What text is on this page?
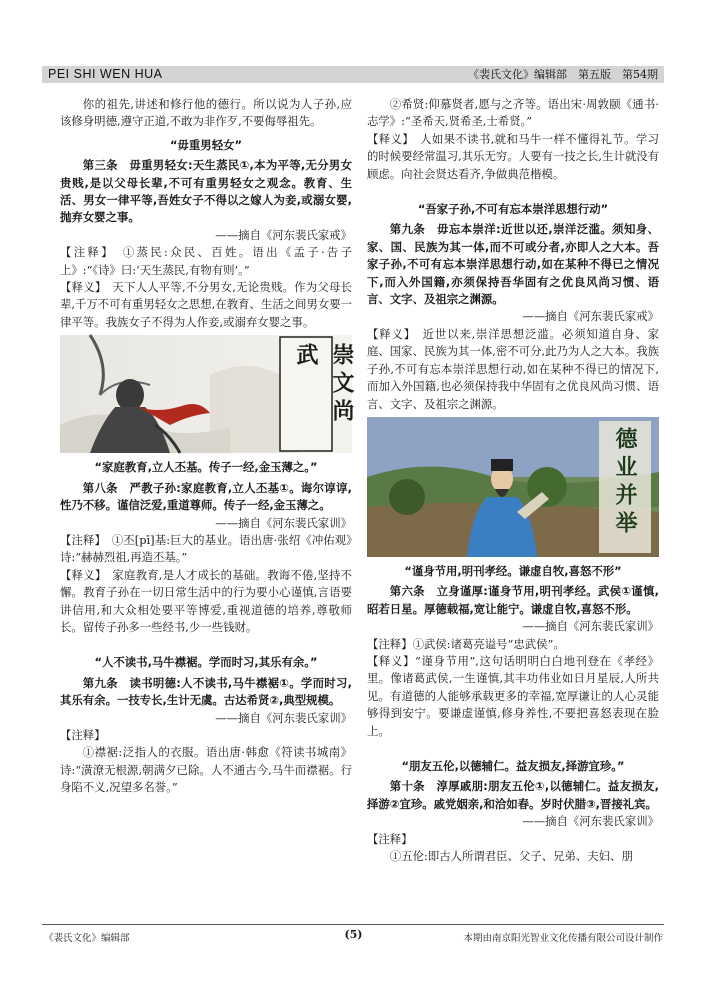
PEI SHI WEN HUA	《裴氏文化》编辑部　第五版　第54期

你的祖先,讲述和修行他的德行。所以说为人子孙,应该修身明德,遵守正道,不敢为非作歹,不要侮辱祖先。

“毋重男轻女”

第三条　毋重男轻女:天生蒸民①,本为平等,无分男女贵贱,是以父母长辈,不可有重男轻女之观念。教育、生活、男女一律平等,吾姓女子不得以之嫁人为妾,或溺女婴,抛弃女婴之事。

——摘自《河东裴氏家戒》

【注释】　①蒸民:众民、百姓。语出《孟子·告子上》:“《诗》曰:‘天生蒸民,有物有则’。”

【释义】　天下人人平等,不分男女,无论贵贱。作为父母长辈,千万不可有重男轻女之思想,在教育、生活之间男女要一律平等。我族女子不得为人作妾,或溺弃女婴之事。

崇文尚武

“家庭教育,立人丕基。传子一经,金玉薄之。”

第八条　严教子孙:家庭教育,立人丕基①。诲尔谆谆,性乃不移。谨信泛爱,重道尊师。传子一经,金玉薄之。

——摘自《河东裴氏家训》

【注释】　①丕[pī]基:巨大的基业。语出唐·张绍《冲佑观》诗:“赫赫烈祖,再造丕基。”

【释义】　家庭教育,是人才成长的基础。教诲不倦,坚持不懈。教育子孙在一切日常生活中的行为要小心谨慎,言语要讲信用,和大众相处要平等博爱,重视道德的培养,尊敬师长。留传子孙多一些经书,少一些钱财。

“人不读书,马牛襟裾。学而时习,其乐有余。”

第九条　读书明德:人不读书,马牛襟裾①。学而时习,其乐有余。一技专长,生计无虞。古达希贤②,典型规模。

——摘自《河东裴氏家训》

【注释】

①襟裾:泛指人的衣服。语出唐·韩愈《符读书城南》诗:“潢潦无根源,朝满夕已除。人不通古今,马牛而襟裾。行身陷不义,况望多名誉。”

②希贤:仰慕贤者,愿与之齐等。语出宋·周敦颐《通书·志学》:“圣希天,贤希圣,士希贤。”

【释义】　人如果不读书,就和马牛一样不懂得礼节。学习的时候要经常温习,其乐无穷。人要有一技之长,生计就没有顾虑。向社会贤达看齐,争做典范楷模。

“吾家子孙,不可有忘本崇洋思想行动”

第九条　毋忘本崇洋:近世以还,崇洋泛滥。须知身、家、国、民族为其一体,而不可或分者,亦即人之大本。吾家子孙,不可有忘本崇洋思想行动,如在某种不得已之情况下,而入外国籍,亦须保持吾华固有之优良风尚习惯、语言、文字、及祖宗之渊源。

——摘自《河东裴氏家戒》

【释义】　近世以来,崇洋思想泛滥。必须知道自身、家庭、国家、民族为其一体,密不可分,此乃为人之大本。我族子孙,不可有忘本崇洋思想行动,如在某种不得已的情况下,而加入外国籍,也必须保持我中华固有之优良风尚习惯、语言、文字、及祖宗之渊源。

德业并举

“谨身节用,明刊孝经。谦虚自牧,喜怒不形”

第六条　立身谨厚:谨身节用,明刊孝经。武侯①谨慎,昭若日星。厚德载福,宽让能宁。谦虚自牧,喜怒不形。

——摘自《河东裴氏家训》

【注释】①武侯:诸葛亮谥号“忠武侯”。

【释义】“谨身节用”,这句话明明白白地刊登在《孝经》里。像诸葛武侯,一生谨慎,其丰功伟业如日月星辰,人所共见。有道德的人能够承载更多的幸福,宽厚谦让的人心灵能够得到安宁。要谦虚谨慎,修身养性,不要把喜怒表现在脸上。

“朋友五伦,以德辅仁。益友损友,择游宜珍。”

第十条　淳厚戚朋:朋友五伦①,以德辅仁。益友损友,择游②宜珍。戚党姻亲,和洽如春。岁时伏腊③,晋接礼宾。

——摘自《河东裴氏家训》

【注释】

①五伦:即古人所谓君臣、父子、兄弟、夫妇、朋

《裴氏文化》编辑部	(5)	本期由南京阳光智业文化传播有限公司设计制作
